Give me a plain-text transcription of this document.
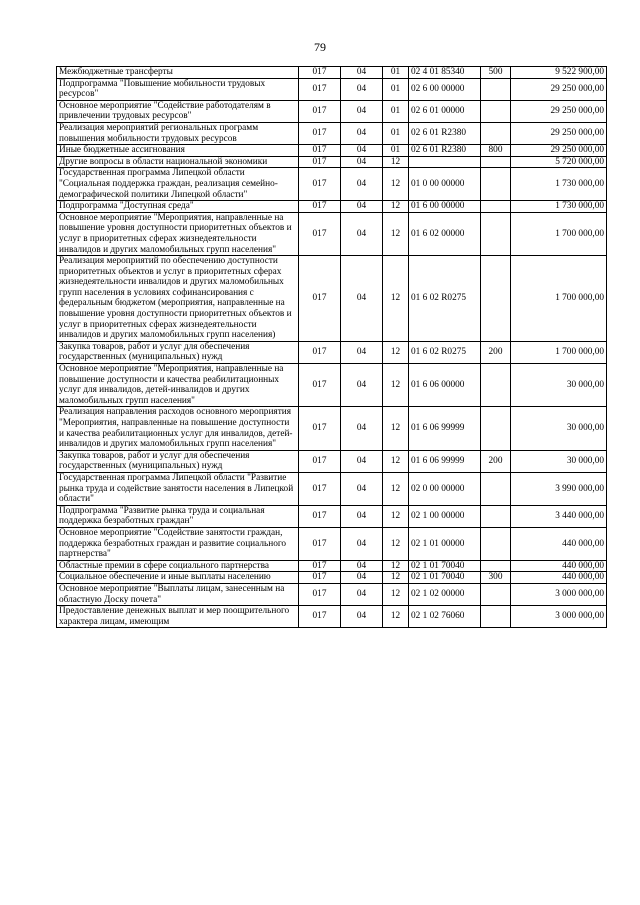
79
Межбюджетные трансферты	017	04	01	02 4 01 85340	500	9 522 900,00
Подпрограмма "Повышение мобильности трудовых ресурсов"	017	04	01	02 6 00 00000		29 250 000,00
Основное мероприятие "Содействие работодателям в привлечении трудовых ресурсов"	017	04	01	02 6 01 00000		29 250 000,00
Реализация мероприятий региональных программ повышения мобильности трудовых ресурсов	017	04	01	02 6 01 R2380		29 250 000,00
Иные бюджетные ассигнования	017	04	01	02 6 01 R2380	800	29 250 000,00
Другие вопросы в области национальной экономики	017	04	12			5 720 000,00
Государственная программа Липецкой области "Социальная поддержка граждан, реализация семейно-демографической политики Липецкой области"	017	04	12	01 0 00 00000		1 730 000,00
Подпрограмма "Доступная среда"	017	04	12	01 6 00 00000		1 730 000,00
Основное мероприятие "Мероприятия, направленные на повышение уровня доступности приоритетных объектов и услуг в приоритетных сферах жизнедеятельности инвалидов и других маломобильных групп населения"	017	04	12	01 6 02 00000		1 700 000,00
Реализация мероприятий по обеспечению доступности приоритетных объектов и услуг в приоритетных сферах жизнедеятельности инвалидов и других маломобильных групп населения в условиях софинансирования с федеральным бюджетом (мероприятия, направленные на повышение уровня доступности приоритетных объектов и услуг в приоритетных сферах жизнедеятельности инвалидов и других маломобильных групп населения)	017	04	12	01 6 02 R0275		1 700 000,00
Закупка товаров, работ и услуг для обеспечения государственных (муниципальных) нужд	017	04	12	01 6 02 R0275	200	1 700 000,00
Основное мероприятие "Мероприятия, направленные на повышение доступности и качества реабилитационных услуг для инвалидов, детей-инвалидов и других маломобильных групп населения"	017	04	12	01 6 06 00000		30 000,00
Реализация направления расходов основного мероприятия "Мероприятия, направленные на повышение доступности и качества реабилитационных услуг для инвалидов, детей-инвалидов и других маломобильных групп населения"	017	04	12	01 6 06 99999		30 000,00
Закупка товаров, работ и услуг для обеспечения государственных (муниципальных) нужд	017	04	12	01 6 06 99999	200	30 000,00
Государственная программа Липецкой области "Развитие рынка труда и содействие занятости населения в Липецкой области"	017	04	12	02 0 00 00000		3 990 000,00
Подпрограмма "Развитие рынка труда и социальная поддержка безработных граждан"	017	04	12	02 1 00 00000		3 440 000,00
Основное мероприятие "Содействие занятости граждан, поддержка безработных граждан и развитие социального партнерства"	017	04	12	02 1 01 00000		440 000,00
Областные премии в сфере социального партнерства	017	04	12	02 1 01 70040		440 000,00
Социальное обеспечение и иные выплаты населению	017	04	12	02 1 01 70040	300	440 000,00
Основное мероприятие "Выплаты лицам, занесенным на областную Доску почета"	017	04	12	02 1 02 00000		3 000 000,00
Предоставление денежных выплат и мер поощрительного характера лицам, имеющим	017	04	12	02 1 02 76060		3 000 000,00
